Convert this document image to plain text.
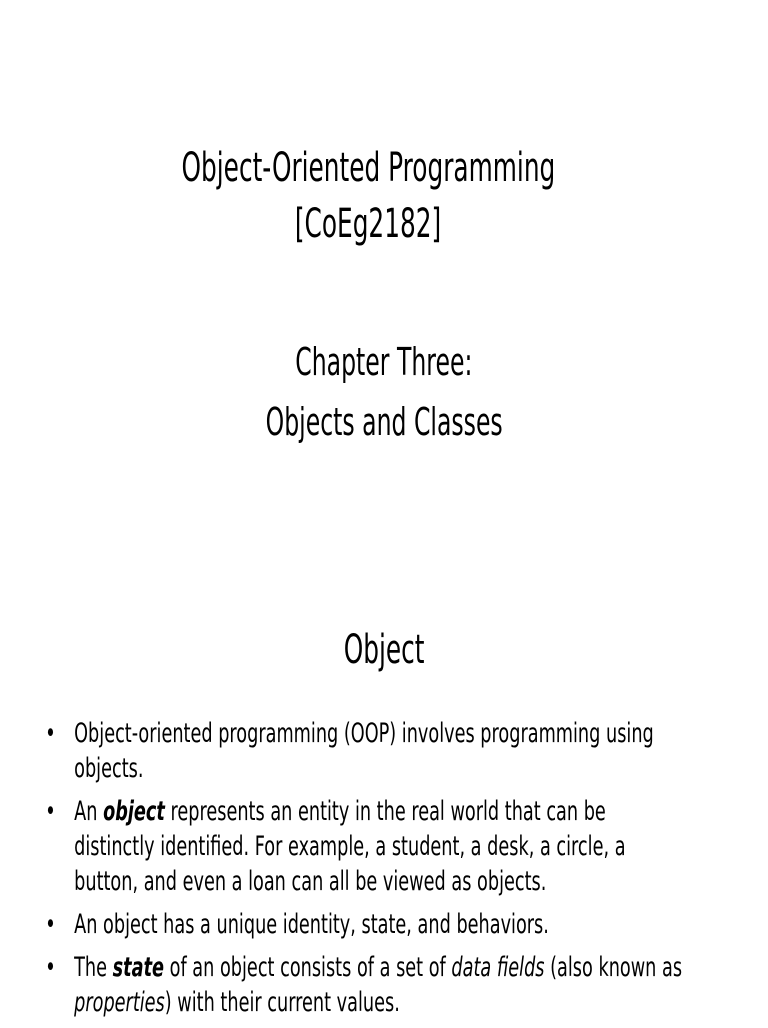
Object-Oriented Programming
[CoEg2182]
Chapter Three:
Objects and Classes
Object
• Object-oriented programming (OOP) involves programming using objects.
• An object represents an entity in the real world that can be distinctly identified. For example, a student, a desk, a circle, a button, and even a loan can all be viewed as objects.
• An object has a unique identity, state, and behaviors.
• The state of an object consists of a set of data fields (also known as properties) with their current values.
